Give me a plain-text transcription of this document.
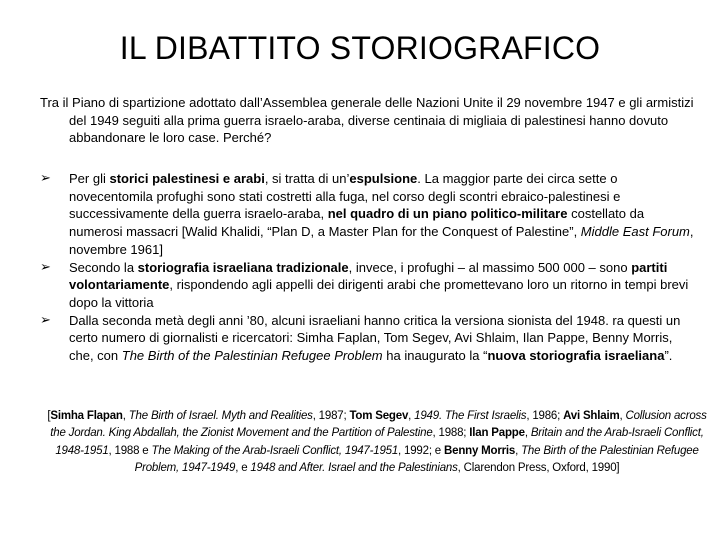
IL DIBATTITO STORIOGRAFICO
Tra il Piano di spartizione adottato dall’Assemblea generale delle Nazioni Unite il 29 novembre 1947 e gli armistizi del 1949 seguiti alla prima guerra israelo-araba, diverse centinaia di migliaia di palestinesi hanno dovuto abbandonare le loro case. Perché?
➢ Per gli storici palestinesi e arabi, si tratta di un’espulsione. La maggior parte dei circa sette o novecentomila profughi sono stati costretti alla fuga, nel corso degli scontri ebraico-palestinesi e successivamente della guerra israelo-araba, nel quadro di un piano politico-militare costellato da numerosi massacri [Walid Khalidi, “Plan D, a Master Plan for the Conquest of Palestine”, Middle East Forum, novembre 1961]
➢ Secondo la storiografia israeliana tradizionale, invece, i profughi – al massimo 500 000 – sono partiti volontariamente, rispondendo agli appelli dei dirigenti arabi che promettevano loro un ritorno in tempi brevi dopo la vittoria
➢ Dalla seconda metà degli anni ’80, alcuni israeliani hanno critica la versiona sionista del 1948. ra questi un certo numero di giornalisti e ricercatori: Simha Faplan, Tom Segev, Avi Shlaim, Ilan Pappe, Benny Morris, che, con The Birth of the Palestinian Refugee Problem ha inaugurato la “nuova storiografia israeliana”.
[Simha Flapan, The Birth of Israel. Myth and Realities, 1987; Tom Segev, 1949. The First Israelis, 1986; Avi Shlaim, Collusion across the Jordan. King Abdallah, the Zionist Movement and the Partition of Palestine, 1988; Ilan Pappe, Britain and the Arab-Israeli Conflict, 1948-1951, 1988 e The Making of the Arab-Israeli Conflict, 1947-1951, 1992; e Benny Morris, The Birth of the Palestinian Refugee Problem, 1947-1949, e 1948 and After. Israel and the Palestinians, Clarendon Press, Oxford, 1990]
